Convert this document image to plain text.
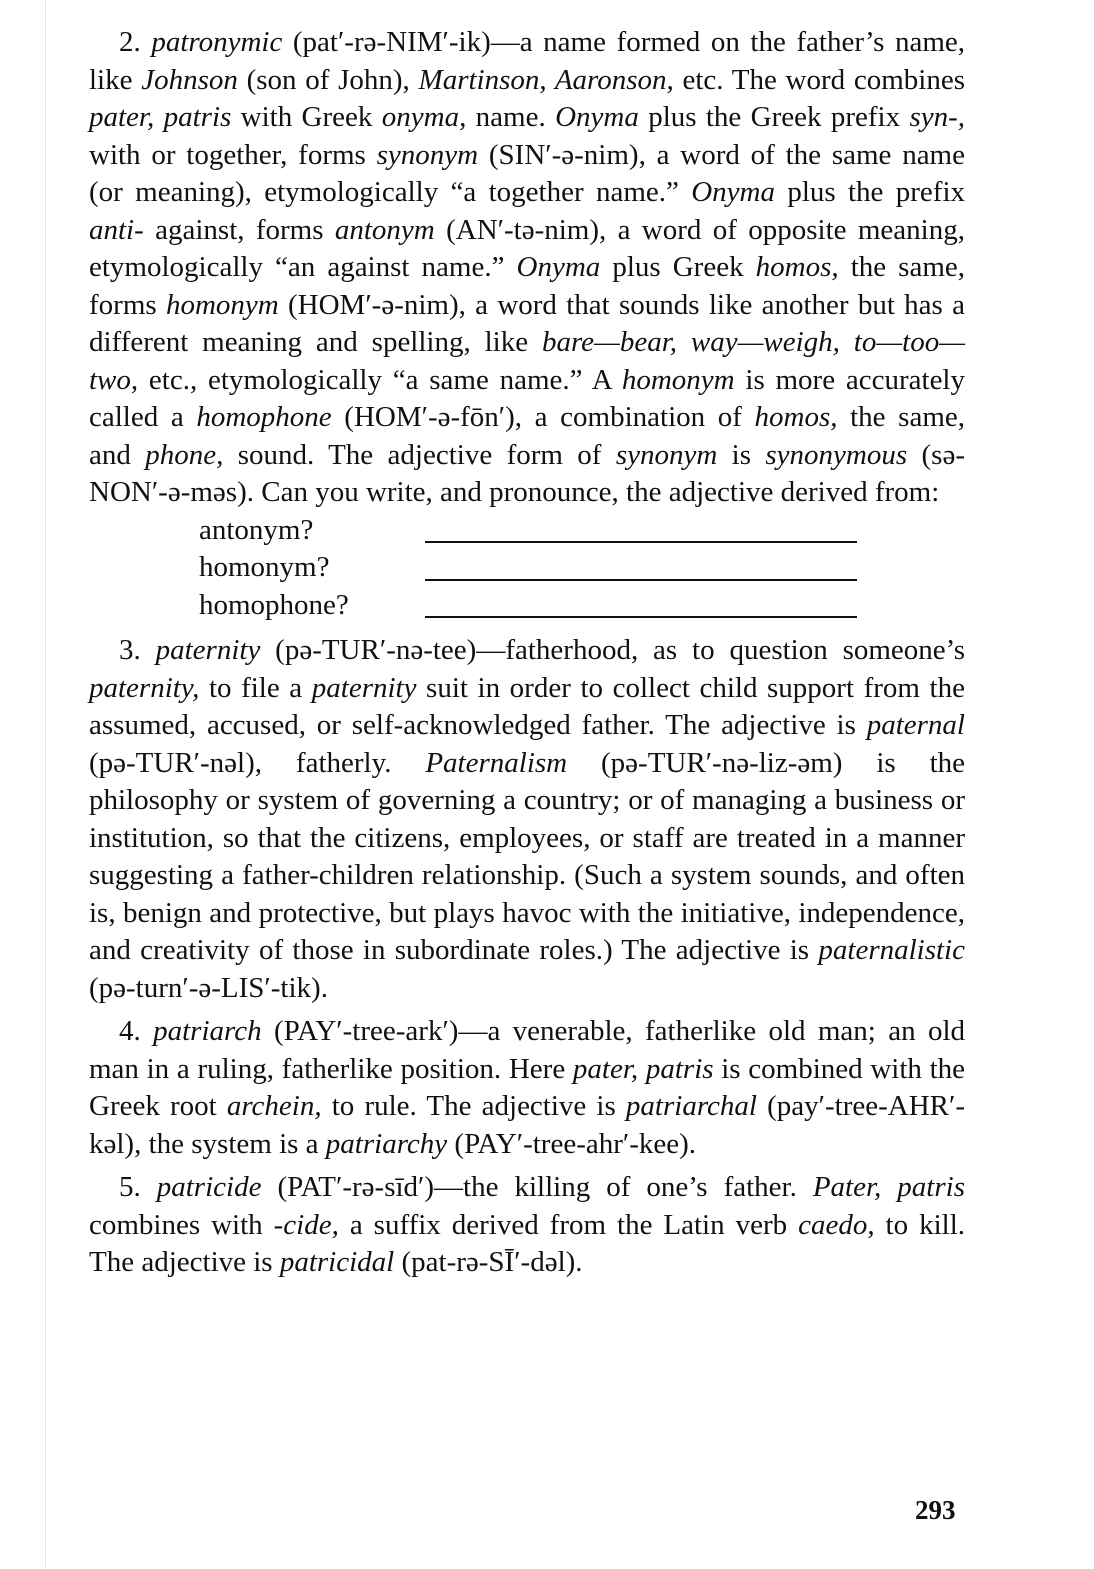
2. patronymic (pat′-rə-NIM′-ik)—a name formed on the father’s name, like Johnson (son of John), Martinson, Aaronson, etc. The word combines pater, patris with Greek onyma, name. Onyma plus the Greek prefix syn-, with or together, forms synonym (SIN′-ə-nim), a word of the same name (or meaning), etymologically “a together name.” Onyma plus the prefix anti- against, forms antonym (AN′-tə-nim), a word of opposite meaning, etymologically “an against name.” Onyma plus Greek homos, the same, forms homonym (HOM′-ə-nim), a word that sounds like another but has a different meaning and spelling, like bare—bear, way—weigh, to—too—two, etc., etymologically “a same name.” A homonym is more accurately called a homophone (HOM′-ə-fōn′), a combination of homos, the same, and phone, sound. The adjective form of synonym is synonymous (sə-NON′-ə-məs). Can you write, and pronounce, the adjective derived from:

antonym?
homonym?
homophone?

3. paternity (pə-TUR′-nə-tee)—fatherhood, as to question someone’s paternity, to file a paternity suit in order to collect child support from the assumed, accused, or self-acknowledged father. The adjective is paternal (pə-TUR′-nəl), fatherly. Paternalism (pə-TUR′-nə-liz-əm) is the philosophy or system of governing a country; or of managing a business or institution, so that the citizens, employees, or staff are treated in a manner suggesting a father-children relationship. (Such a system sounds, and often is, benign and protective, but plays havoc with the initiative, independence, and creativity of those in subordinate roles.) The adjective is paternalistic (pə-turn′-ə-LIS′-tik).

4. patriarch (PAY′-tree-ark′)—a venerable, fatherlike old man; an old man in a ruling, fatherlike position. Here pater, patris is combined with the Greek root archein, to rule. The adjective is patriarchal (pay′-tree-AHR′-kəl), the system is a patriarchy (PAY′-tree-ahr′-kee).

5. patricide (PAT′-rə-sīd′)—the killing of one’s father. Pater, patris combines with -cide, a suffix derived from the Latin verb caedo, to kill. The adjective is patricidal (pat-rə-SĪ′-dəl).

293
